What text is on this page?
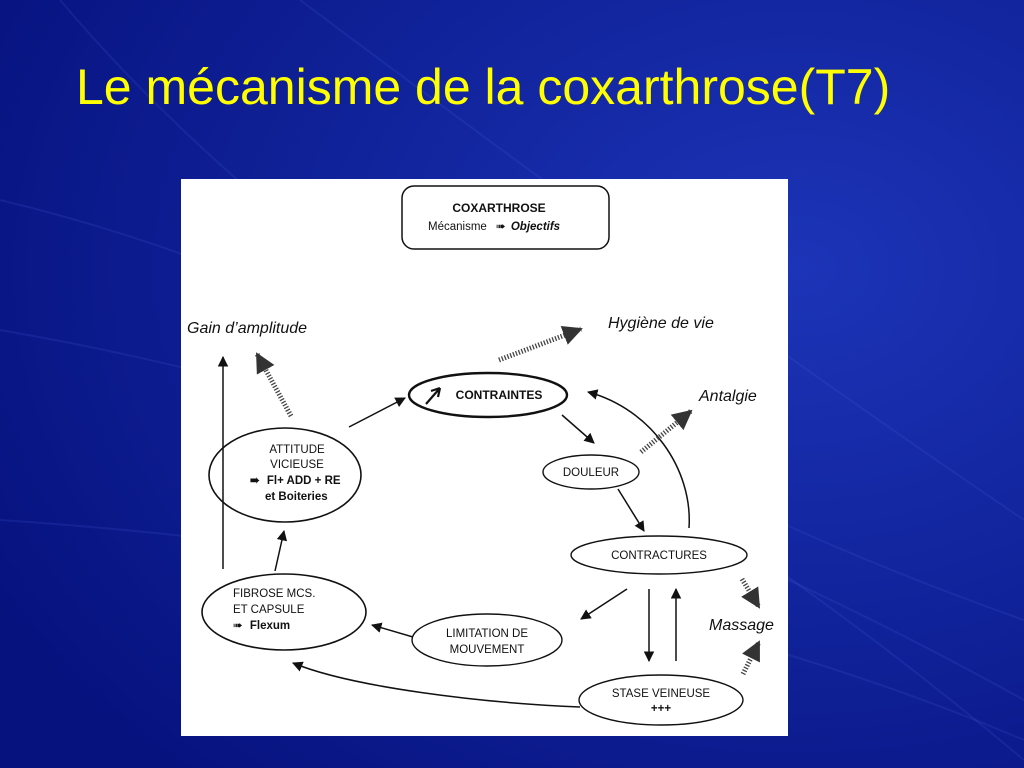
Le mécanisme de la coxarthrose(T7)
COXARTHROSE
Mécanisme ➠ Objectifs
CONTRAINTES
DOULEUR
CONTRACTURES
STASE VEINEUSE
+++
LIMITATION DE
MOUVEMENT
FIBROSE MCS.
ET CAPSULE
➠ Flexum
ATTITUDE
VICIEUSE
➠ Fl+ ADD + RE
et Boiteries
Hygiène de vie
Antalgie
Massage
Gain d’amplitude
